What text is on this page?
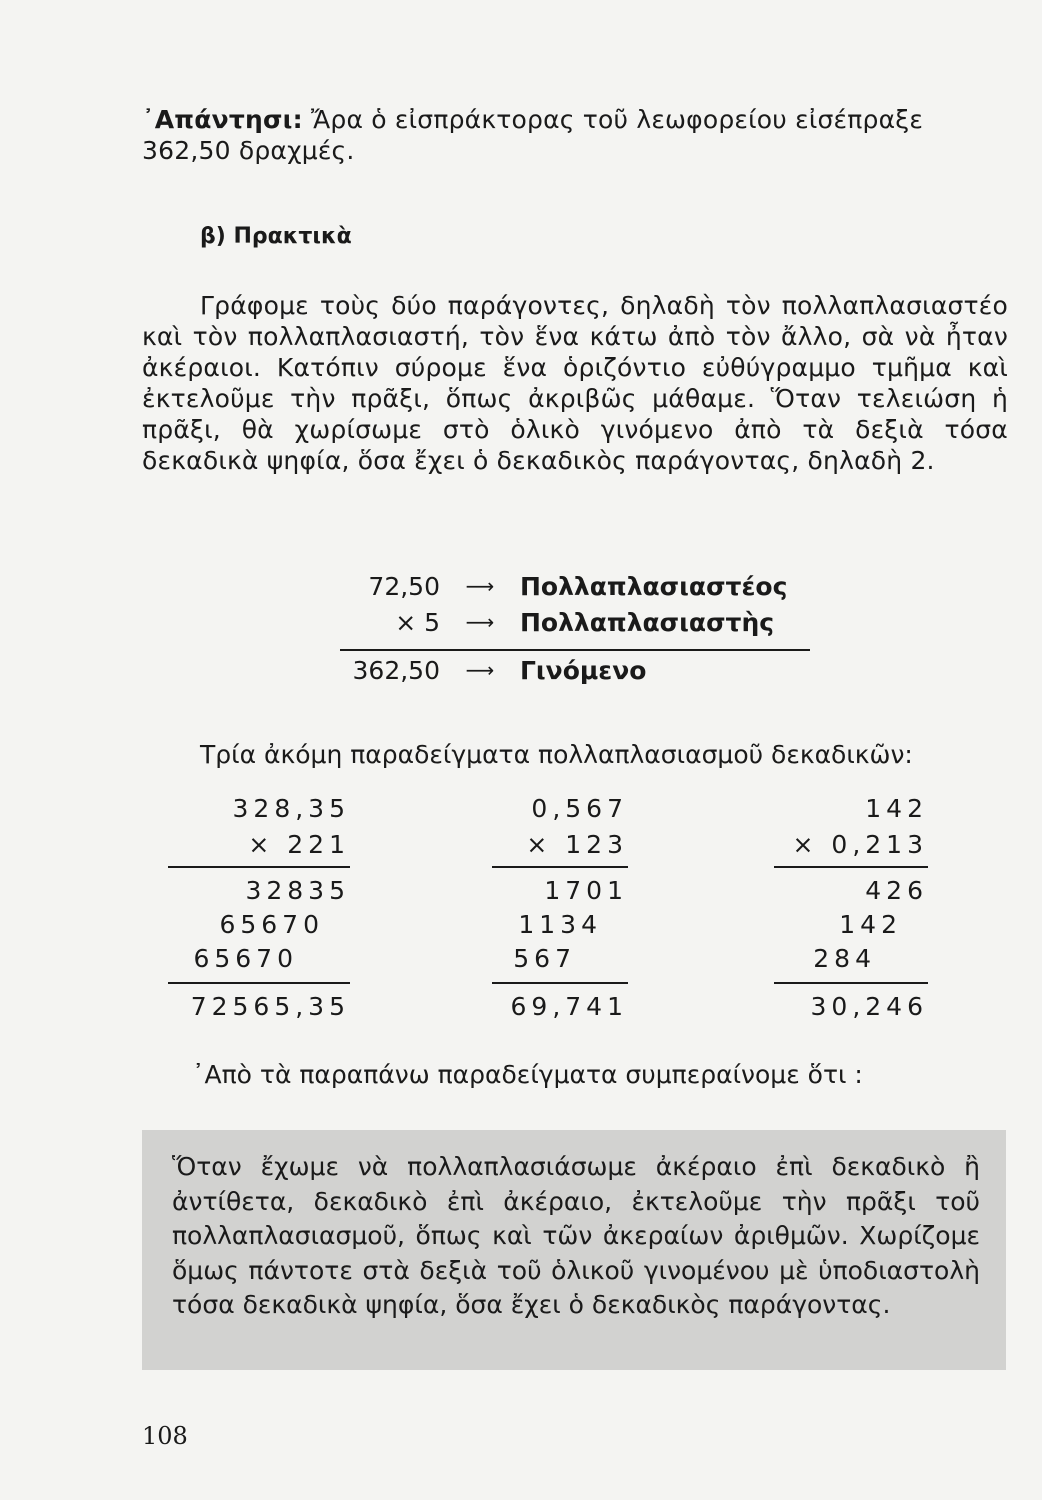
᾿Απάντησι: Ἄρα ὁ εἰσπράκτορας τοῦ λεωφορείου εἰσέπραξε 362,50 δραχμές.

β) Πρακτικὰ

Γράφομε τοὺς δύο παράγοντες, δηλαδὴ τὸν πολλαπλασιαστέο καὶ τὸν πολλαπλασιαστή, τὸν ἕνα κάτω ἀπὸ τὸν ἄλλο, σὰ νὰ ἦταν ἀκέραιοι. Κατόπιν σύρομε ἕνα ὁριζόντιο εὐθύγραμμο τμῆμα καὶ ἐκτελοῦμε τὴν πρᾶξι, ὅπως ἀκριβῶς μάθαμε. Ὅταν τελειώση ἡ πρᾶξι, θὰ χωρίσωμε στὸ ὁλικὸ γινόμενο ἀπὸ τὰ δεξιὰ τόσα δεκαδικὰ ψηφία, ὅσα ἔχει ὁ δεκαδικὸς παράγοντας, δηλαδὴ 2.

72,50	⟶	Πολλαπλασιαστέος
× 5	⟶	Πολλαπλασιαστὴς
362,50	⟶	Γινόμενο
Τρία ἀκόμη παραδείγματα πολλαπλασιασμοῦ δεκαδικῶν:
328,35
× 221
32835
65670
65670
72565,35
0,567
× 123
1701
1134
567
69,741
142
× 0,213
426
142
284
30,246
᾿Απὸ τὰ παραπάνω παραδείγματα συμπεραίνομε ὅτι :

Ὅταν ἔχωμε νὰ πολλαπλασιάσωμε ἀκέραιο ἐπὶ δεκαδικὸ ἢ ἀντίθετα, δεκαδικὸ ἐπὶ ἀκέραιο, ἐκτελοῦμε τὴν πρᾶξι τοῦ πολλαπλασιασμοῦ, ὅπως καὶ τῶν ἀκεραίων ἀριθμῶν. Χωρίζομε ὅμως πάντοτε στὰ δεξιὰ τοῦ ὁλικοῦ γινομένου μὲ ὑποδιαστολὴ τόσα δεκαδικὰ ψηφία, ὅσα ἔχει ὁ δεκαδικὸς παράγοντας.

108
